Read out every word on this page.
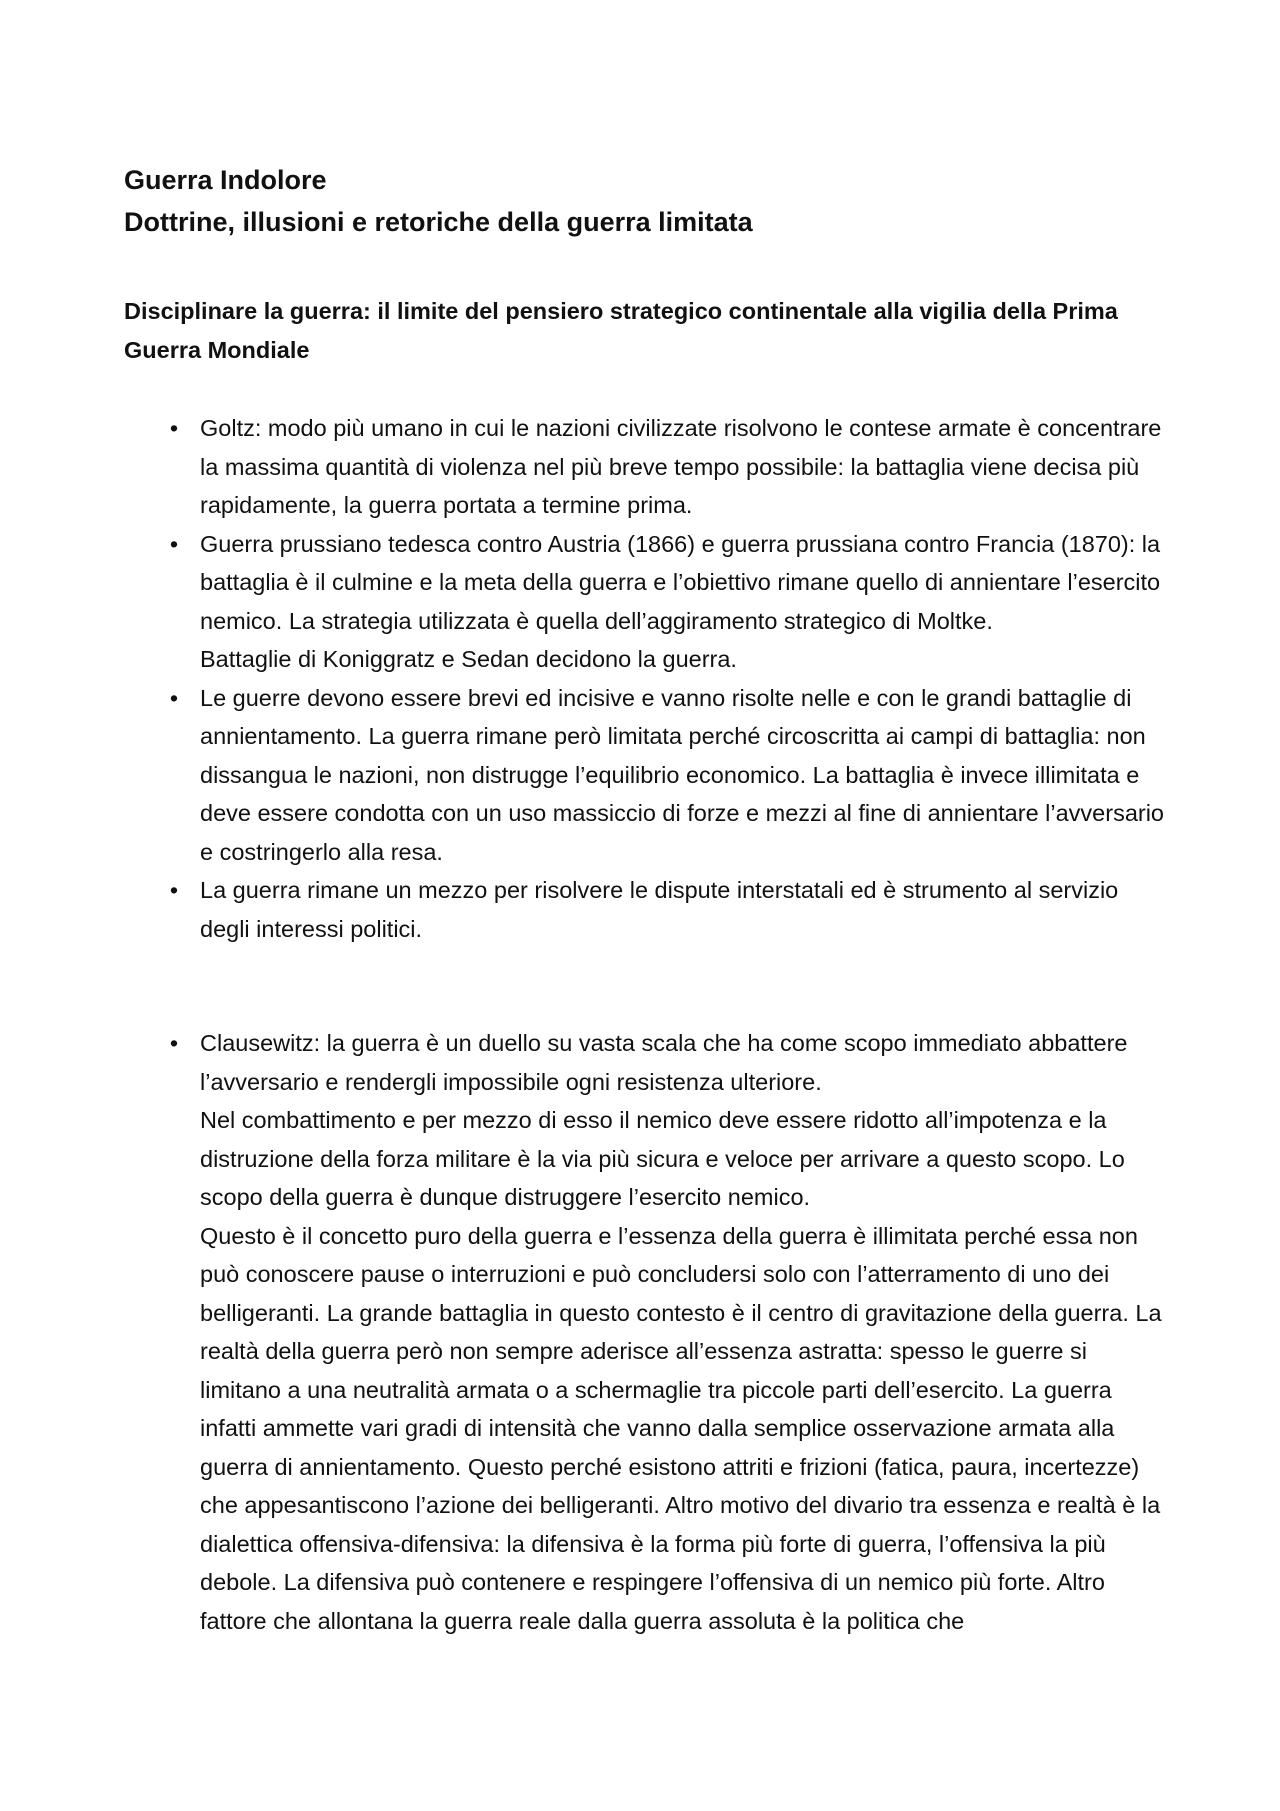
Guerra Indolore
Dottrine, illusioni e retoriche della guerra limitata
Disciplinare la guerra: il limite del pensiero strategico continentale alla vigilia della Prima Guerra Mondiale
• Goltz: modo più umano in cui le nazioni civilizzate risolvono le contese armate è concentrare la massima quantità di violenza nel più breve tempo possibile: la battaglia viene decisa più rapidamente, la guerra portata a termine prima.

• Guerra prussiano tedesca contro Austria (1866) e guerra prussiana contro Francia (1870): la battaglia è il culmine e la meta della guerra e l’obiettivo rimane quello di annientare l’esercito nemico. La strategia utilizzata è quella dell’aggiramento strategico di Moltke.

Battaglie di Koniggratz e Sedan decidono la guerra.

• Le guerre devono essere brevi ed incisive e vanno risolte nelle e con le grandi battaglie di annientamento. La guerra rimane però limitata perché circoscritta ai campi di battaglia: non dissangua le nazioni, non distrugge l’equilibrio economico. La battaglia è invece illimitata e deve essere condotta con un uso massiccio di forze e mezzi al fine di annientare l’avversario e costringerlo alla resa.

• La guerra rimane un mezzo per risolvere le dispute interstatali ed è strumento al servizio degli interessi politici.

• Clausewitz: la guerra è un duello su vasta scala che ha come scopo immediato abbattere l’avversario e rendergli impossibile ogni resistenza ulteriore.

Nel combattimento e per mezzo di esso il nemico deve essere ridotto all’impotenza e la distruzione della forza militare è la via più sicura e veloce per arrivare a questo scopo. Lo scopo della guerra è dunque distruggere l’esercito nemico.

Questo è il concetto puro della guerra e l’essenza della guerra è illimitata perché essa non può conoscere pause o interruzioni e può concludersi solo con l’atterramento di uno dei belligeranti. La grande battaglia in questo contesto è il centro di gravitazione della guerra. La realtà della guerra però non sempre aderisce all’essenza astratta: spesso le guerre si limitano a una neutralità armata o a schermaglie tra piccole parti dell’esercito. La guerra infatti ammette vari gradi di intensità che vanno dalla semplice osservazione armata alla guerra di annientamento. Questo perché esistono attriti e frizioni (fatica, paura, incertezze) che appesantiscono l’azione dei belligeranti. Altro motivo del divario tra essenza e realtà è la dialettica offensiva-difensiva: la difensiva è la forma più forte di guerra, l’offensiva la più debole. La difensiva può contenere e respingere l’offensiva di un nemico più forte. Altro fattore che allontana la guerra reale dalla guerra assoluta è la politica che
